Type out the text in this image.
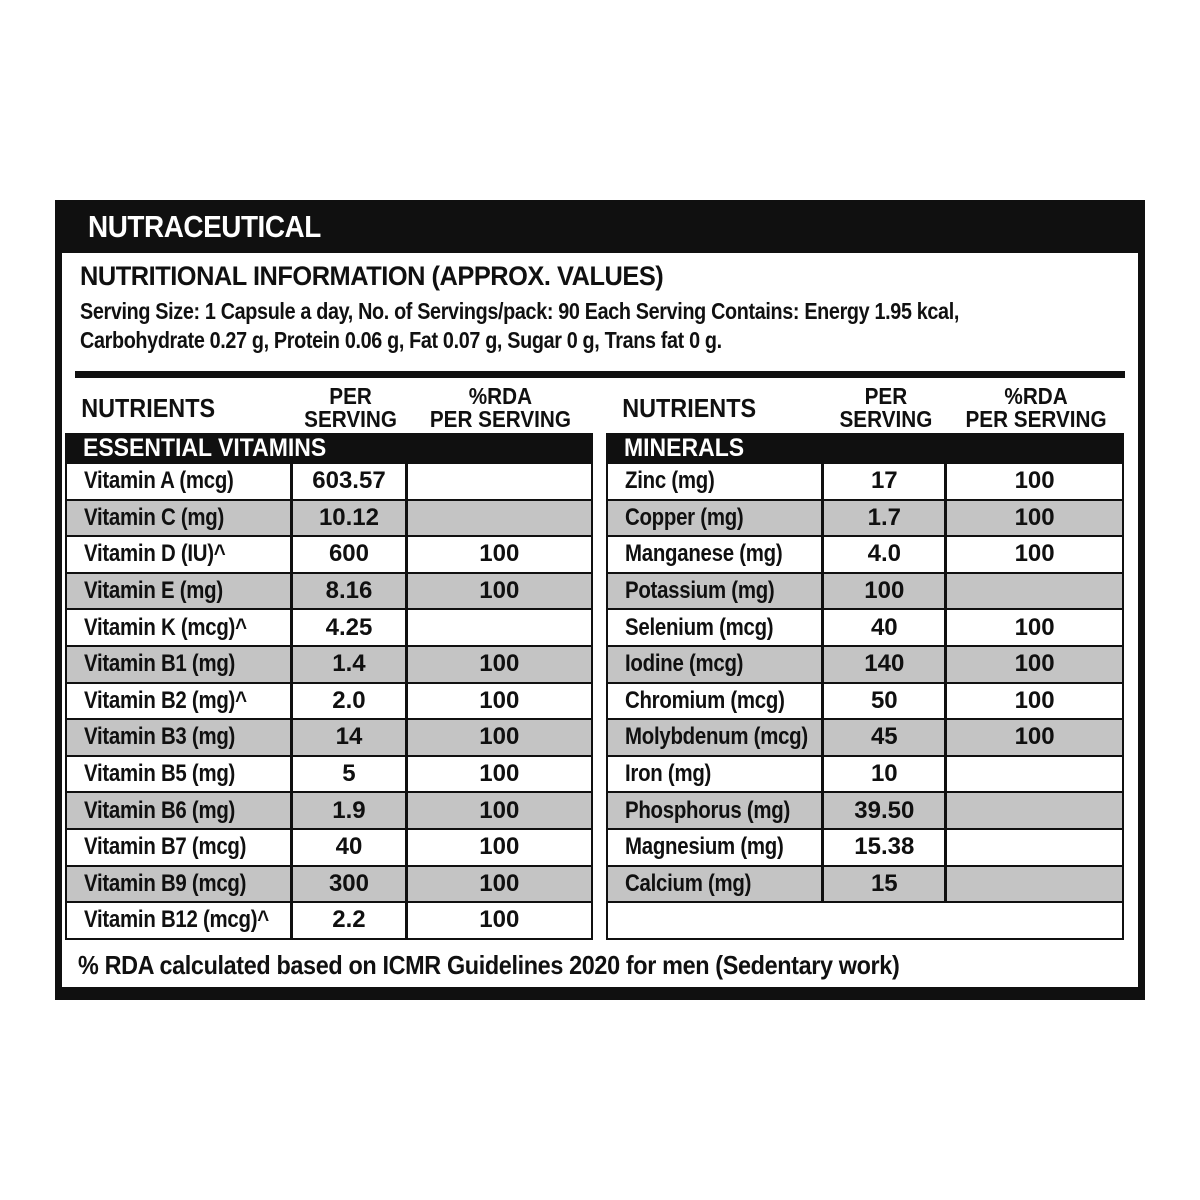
NUTRACEUTICAL
NUTRITIONAL INFORMATION (APPROX. VALUES)
Serving Size: 1 Capsule a day, No. of Servings/pack: 90 Each Serving Contains: Energy 1.95 kcal,
Carbohydrate 0.27 g, Protein 0.06 g, Fat 0.07 g, Sugar 0 g, Trans fat 0 g.
NUTRIENTS	PER
SERVING
%RDA
PER SERVING
ESSENTIAL VITAMINS
Vitamin A (mcg)	603.57
Vitamin C (mg)	10.12
Vitamin D (IU)^	600	100
Vitamin E (mg)	8.16	100
Vitamin K (mcg)^	4.25
Vitamin B1 (mg)	1.4	100
Vitamin B2 (mg)^	2.0	100
Vitamin B3 (mg)	14	100
Vitamin B5 (mg)	5	100
Vitamin B6 (mg)	1.9	100
Vitamin B7 (mcg)	40	100
Vitamin B9 (mcg)	300	100
Vitamin B12 (mcg)^	2.2	100
NUTRIENTS	PER
SERVING
%RDA
PER SERVING
MINERALS
Zinc (mg)	17	100
Copper (mg)	1.7	100
Manganese (mg)	4.0	100
Potassium (mg)	100
Selenium (mcg)	40	100
Iodine (mcg)	140	100
Chromium (mcg)	50	100
Molybdenum (mcg)	45	100
Iron (mg)	10
Phosphorus (mg)	39.50
Magnesium (mg)	15.38
Calcium (mg)	15
% RDA calculated based on ICMR Guidelines 2020 for men (Sedentary work)
